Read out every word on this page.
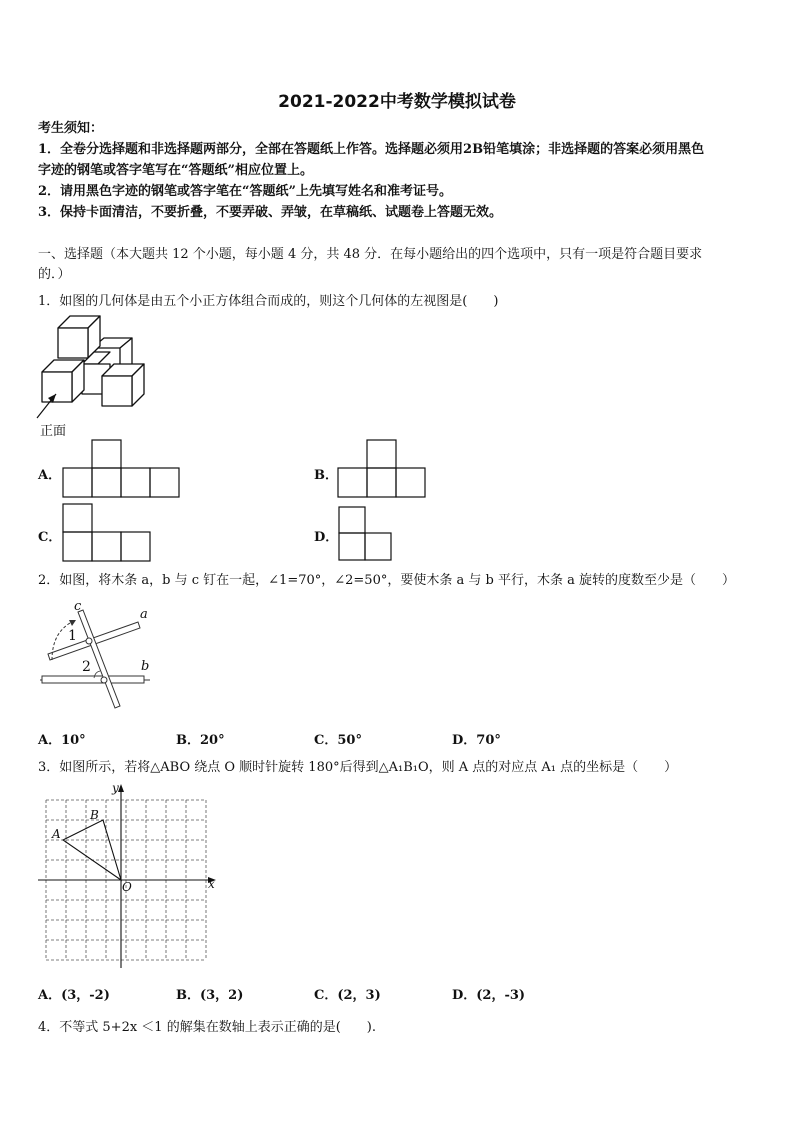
2021-2022中考数学模拟试卷
考生须知：
1．全卷分选择题和非选择题两部分，全部在答题纸上作答。选择题必须用2B铅笔填涂；非选择题的答案必须用黑色
字迹的钢笔或答字笔写在“答题纸”相应位置上。
2．请用黑色字迹的钢笔或答字笔在“答题纸”上先填写姓名和准考证号。
3．保持卡面清洁，不要折叠，不要弄破、弄皱，在草稿纸、试题卷上答题无效。
一、选择题（本大题共 12 个小题，每小题 4 分，共 48 分．在每小题给出的四个选项中，只有一项是符合题目要求
的．）
1．如图的几何体是由五个小正方体组合而成的，则这个几何体的左视图是(　　)
正面
A．	B．
C．	D．
2．如图，将木条 a，b 与 c 钉在一起，∠1=70°，∠2=50°，要使木条 a 与 b 平行，木条 a 旋转的度数至少是（　　）
c
a
b
1
2
A．10°	B．20°	C．50°	D．70°
3．如图所示，若将△ABO 绕点 O 顺时针旋转 180°后得到△A₁B₁O，则 A 点的对应点 A₁ 点的坐标是（　　）
y
x
O
A
B
A．(3，-2)	B．(3，2)	C．(2，3)	D．(2，-3)
4．不等式 5+2x ＜1 的解集在数轴上表示正确的是(　　).
